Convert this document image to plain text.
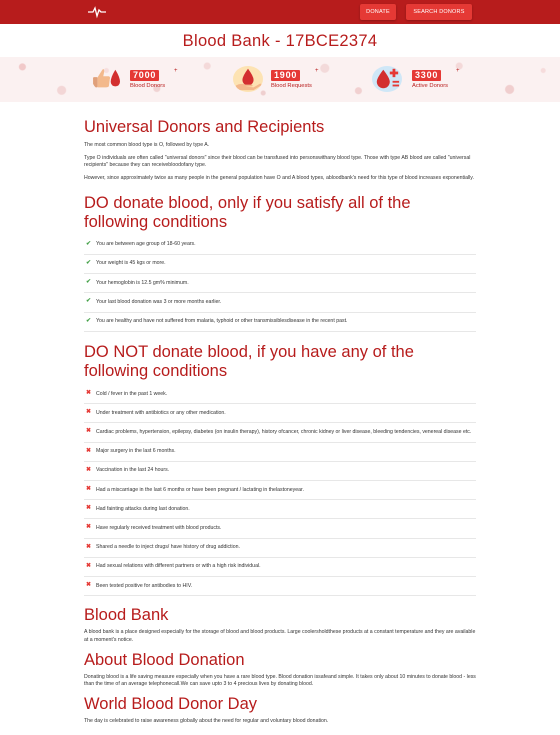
DONATE	SEARCH DONORS
Blood Bank - 17BCE2374
7000	+
Blood Donors
1900	+
Blood Requests
3300	+
Active Donors
Universal Donors and Recipients

The most common blood type is O, followed by type A.

Type O individuals are often called "universal donors" since their blood can be transfused into personswithany blood type. Those with type AB blood are called "universal recipients" because they can receivebloodofany type.

However, since approximately twice as many people in the general population have O and A blood types, abloodbank's need for this type of blood increases exponentially.

DO donate blood, only if you satisfy all of the following conditions
✔ You are between age group of 18-60 years.
✔ Your weight is 45 kgs or more.
✔ Your hemoglobin is 12.5 gm% minimum.
✔ Your last blood donation was 3 or more months earlier.
✔ You are healthy and have not suffered from malaria, typhoid or other transmissiblesdisease in the recent past.
DO NOT donate blood, if you have any of the following conditions
✖ Cold / fever in the past 1 week.
✖ Under treatment with antibiotics or any other medication.
✖ Cardiac problems, hypertension, epilepsy, diabetes (on insulin therapy), history ofcancer, chronic kidney or liver disease, bleeding tendencies, venereal disease etc.
✖ Major surgery in the last 6 months.
✖ Vaccination in the last 24 hours.
✖ Had a miscarriage in the last 6 months or have been pregnant / lactating in thelastoneyear.
✖ Had fainting attacks during last donation.
✖ Have regularly received treatment with blood products.
✖ Shared a needle to inject drugs/ have history of drug addiction.
✖ Had sexual relations with different partners or with a high risk individual.
✖ Been tested positive for antibodies to HIV.
Blood Bank

A blood bank is a place designed especially for the storage of blood and blood products. Large coolersholdthese products at a constant temperature and they are available at a moment's notice.

About Blood Donation

Donating blood is a life saving measure especially when you have a rare blood type. Blood donation issafeand simple. It takes only about 10 minutes to donate blood - less than the time of an average telephonecall.We can save upto 3 to 4 precious lives by donating blood.

World Blood Donor Day

The day is celebrated to raise awareness globally about the need for regular and voluntary blood donation.
